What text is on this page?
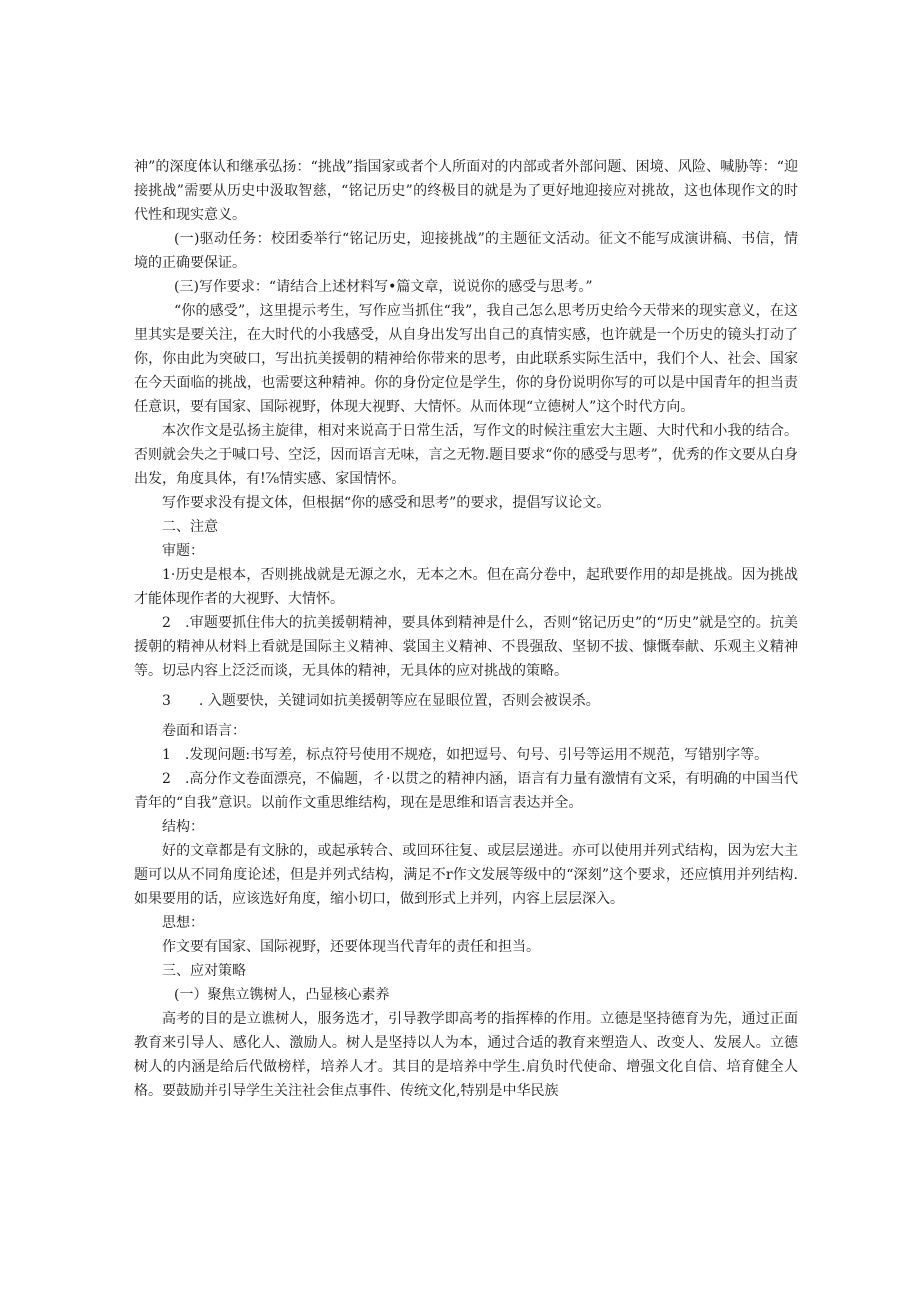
神”的深度体认和继承弘扬：“挑战”指国家或者个人所面对的内部或者外部问题、困境、风险、喊胁等：“迎接挑战”需要从历史中汲取智慈，“铭记历史”的终极目的就是为了更好地迎接应对挑故，这也体现作文的时代性和现实意义。

(一)驱动任务：校团委举行“铭记历史，迎接挑战”的主题征文活动。征文不能写成演讲稿、书信，情境的正确要保证。

(三)写作要求：“请结合上述材料写•篇文章，说说你的感受与思考。”

“你的感受”，这里提示考生，写作应当抓住“我”，我自己怎么思考历史给今天带来的现实意义，在这里其实是要关注，在大时代的小我感受，从自身出发写出自己的真情实感，也许就是一个历史的镜头打动了你，你由此为突破口，写出抗美援朝的精神给你带来的思考，由此联系实际生活中，我们个人、社会、国家在今天面临的挑战，也需要这种精神。你的身份定位是学生，你的身份说明你写的可以是中国青年的担当责任意识，要有国家、国际视野，体现大视野、大情怀。从而体现“立德树人”这个时代方向。

本次作文是弘扬主旋律，相对来说高于日常生活，写作文的时候注重宏大主题、大时代和小我的结合。否则就会失之于喊口号、空泛，因而语言无味，言之无物.题目要求“你的感受与思考”，优秀的作文要从白身出发，角度具体，有!⅞情实感、家国情怀。

写作要求没有提文体，但根据“你的感受和思考”的要求，提倡写议论文。

二、注意

审题：

1·历史是根本，否则挑战就是无源之水，无本之木。但在高分卷中，起玳要作用的却是挑战。因为挑战才能体现作者的大视野、大情怀。

2　.审题要抓住伟大的抗美援朝精神，要具体到精神是什么，否则“铭记历史”的“历史”就是空的。抗美援朝的精神从材料上看就是国际主义精神、裳国主义精神、不畏强敌、坚韧不拔、慷慨奉献、乐观主义精神等。切忌内容上泛泛而谈，无具体的精神，无具体的应对挑战的策略。

3　　. 入题要快，关键词如抗美援朝等应在显眼位置，否则会被误杀。

卷面和语言：

1　.发现问题:书写差，标点符号使用不规疮，如把逗号、句号、引号等运用不规范，写错别字等。

2　.高分作文卷面漂亮，不偏题，彳·以贯之的精神内涵，语言有力量有激情有文采，有明确的中国当代青年的“自我”意识。以前作文重思维结构，现在是思维和语言表达并全。

结构：

好的文章都是有文脉的，或起承转合、或回环往复、或层层递进。亦可以使用并列式结构，因为宏大主题可以从不同角度论述，但是并列式结构，满足不r作文发展等级中的“深刻”这个要求，还应慎用并列结构.如果要用的话，应该选好角度，缩小切口，做到形式上并列，内容上层层深入。

思想：

作文要有国家、国际视野，还要体现当代青年的责任和担当。

三、应对策略

(一）聚焦立镌树人，凸显核心素养

高考的目的是立谯树人，服务选才，引导教学即高考的指挥棒的作用。立德是坚持德育为先，通过正面教育来引导人、感化人、激励人。树人是坚持以人为本，通过合适的教育来塑造人、改变人、发展人。立德树人的内涵是给后代做榜样，培养人才。其目的是培养中学生.肩负时代使命、增强文化自信、培育健全人格。要鼓励并引导学生关注社会隹点事件、传统文化,特别是中华民族
